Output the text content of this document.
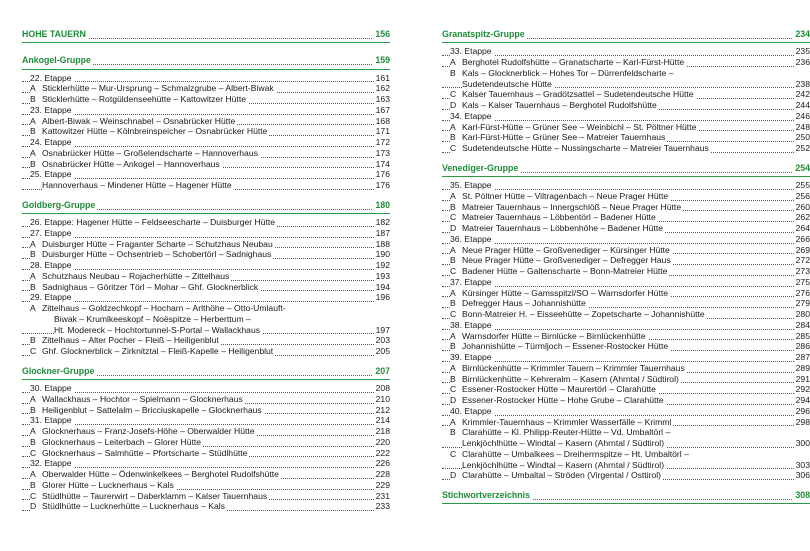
HOHE TAUERN	156
Ankogel-Gruppe	159
22. Etappe	161
A Sticklerhütte – Mur-Ursprung – Schmalzgrube – Albert-Biwak	162
B Sticklerhütte – Rotgüldenseehütte – Kattowitzer Hütte	163
23. Etappe	167
A Albert-Biwak – Weinschnabel – Osnabrücker Hütte	168
B Kattowitzer Hütte – Kölnbreinspeicher – Osnabrücker Hütte	171
24. Etappe	172
A Osnabrücker Hütte – Großelendscharte – Hannoverhaus	173
B Osnabrücker Hütte – Ankogel – Hannoverhaus	174
25. Etappe	176
Hannoverhaus – Mindener Hütte – Hagener Hütte	176
Goldberg-Gruppe	180
26. Etappe: Hagener Hütte – Feldseescharte – Duisburger Hütte	182
27. Etappe	187
A Duisburger Hütte – Fraganter Scharte – Schutzhaus Neubau	188
B Duisburger Hütte – Ochsentrieb – Schobertörl – Sadnighaus	190
28. Etappe	192
A Schutzhaus Neubau – Rojacherhütte – Zittelhaus	193
B Sadnighaus – Göritzer Törl – Mohar – Ghf. Glocknerblick	194
29. Etappe	196
A Zittelhaus – Goldzechkopf – Hocharn – Arlthöhe – Otto-Umlauft-
Biwak – Krumlkeeskopf – Noëspitze – Herberttum –
Ht. Modereck – Hochtortunnel-S-Portal – Wallackhaus	197
B Zittelhaus – Alter Pocher – Fleiß – Heiligenblut	203
C Ghf. Glocknerblick – Zirknitztal – Fleiß-Kapelle – Heiligenblut	205
Glockner-Gruppe	207
30. Etappe	208
A Wallackhaus – Hochtor – Spielmann – Glocknerhaus	210
B Heiligenblut – Sattelalm – Bricciuskapelle – Glocknerhaus	212
31. Etappe	214
A Glocknerhaus – Franz-Josefs-Höhe – Oberwalder Hütte	218
B Glocknerhaus – Leiterbach – Glorer Hütte	220
C Glocknerhaus – Salmhütte – Pfortscharte – Stüdlhütte	222
32. Etappe	226
A Oberwalder Hütte – Ödenwinkelkees – Berghotel Rudolfshütte	228
B Glorer Hütte – Lucknerhaus – Kals	229
C Stüdlhütte – Taurerwirt – Daberklamm – Kalser Tauernhaus	231
D Stüdlhütte – Lucknerhütte – Lucknerhaus – Kals	233
Granatspitz-Gruppe	234
33. Etappe	235
A Berghotel Rudolfshütte – Granatscharte – Karl-Fürst-Hütte	236
B Kals – Glocknerblick – Hohes Tor – Dürrenfeldscharte –
Sudetendeutsche Hütte	238
C Kalser Tauernhaus – Gradötzsattel – Sudetendeutsche Hütte	242
D Kals – Kalser Tauernhaus – Berghotel Rudolfshütte	244
34. Etappe	246
A Karl-Fürst-Hütte – Grüner See – Weinbichl – St. Pöltner Hütte	248
B Karl-Fürst-Hütte – Grüner See – Matreier Tauernhaus	250
C Sudetendeutsche Hütte – Nussingscharte – Matreier Tauernhaus	252
Venediger-Gruppe	254
35. Etappe	255
A St. Pöltner Hütte – Viltragenbach – Neue Prager Hütte	256
B Matreier Tauernhaus – Innergschlöß – Neue Prager Hütte	260
C Matreier Tauernhaus – Löbbentörl – Badener Hütte	262
D Matreier Tauernhaus – Löbbenhöhe – Badener Hütte	264
36. Etappe	266
A Neue Prager Hütte – Großvenediger – Kürsinger Hütte	269
B Neue Prager Hütte – Großvenediger – Defregger Haus	272
C Badener Hütte – Galtenscharte – Bonn-Matreier Hütte	273
37. Etappe	275
A Kürsinger Hütte – Gamsspitzl/SO – Warnsdorfer Hütte	276
B Defregger Haus – Johannishütte	279
C Bonn-Matreier H. – Eisseehütte – Zopetscharte – Johannishütte	280
38. Etappe	284
A Warnsdorfer Hütte – Birnlücke – Birnlückenhütte	285
B Johannishütte – Türmljoch – Essener-Rostocker Hütte	286
39. Etappe	287
A Birnlückenhütte – Krimmler Tauern – Krimmler Tauernhaus	289
B Birnlückenhütte – Kehreralm – Kasern (Ahrntal / Südtirol)	291
C Essener-Rostocker Hütte – Maurertörl – Clarahütte	292
D Essener-Rostocker Hütte – Hohe Grube – Clarahütte	294
40. Etappe	296
A Krimmler-Tauernhaus – Krimmler Wasserfälle – Krimml	298
B Clarahütte – Kl. Philipp-Reuter-Hütte – Vd. Umbaltörl –
Lenkjöchlhütte – Windtal – Kasern (Ahrntal / Südtirol)	300
C Clarahütte – Umbalkees – Dreiherrnspitze – Ht. Umbaltörl –
Lenkjöchlhütte – Windtal – Kasern (Ahrntal / Südtirol)	303
D Clarahütte – Umbaltal – Ströden (Virgental / Osttirol)	306
Stichwortverzeichnis	308
